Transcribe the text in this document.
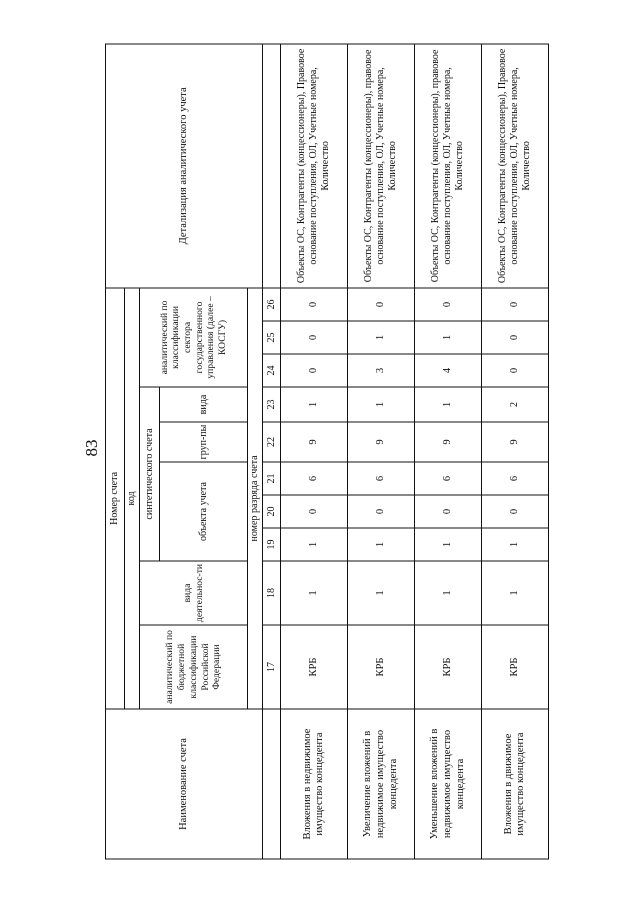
83
Наименование счета	Номер счета										Детализация аналитического учета
	код										
	аналитический по бюджетной классификации Российской Федерации	вида деятельнос-ти	синтетического счета					аналитический по классификации сектора государственного управления (далее – КОСГУ)			
			объекта учета			груп-пы	вида				
	номер разряда счета										
	17	18	19	20	21	22	23	24	25	26	
Вложения в недвижимое имущество концедента	КРБ	1	1	0	6	9	1	0	0	0	Объекты ОС, Контрагенты (концессионеры), Правовое основание поступления, ОЛ, Учетные номера, Количество
Увеличение вложений в недвижимое имущество концедента	КРБ	1	1	0	6	9	1	3	1	0	Объекты ОС, Контрагенты (концессионеры), правовое основание поступления, ОЛ, Учетные номера, Количество
Уменьшение вложений в недвижимое имущество концедента	КРБ	1	1	0	6	9	1	4	1	0	Объекты ОС, Контрагенты (концессионеры), правовое основание поступления, ОЛ, Учетные номера, Количество
Вложения в движимое имущество концедента	КРБ	1	1	0	6	9	2	0	0	0	Объекты ОС, Контрагенты (концессионеры), Правовое основание поступления, ОЛ, Учетные номера, Количество
